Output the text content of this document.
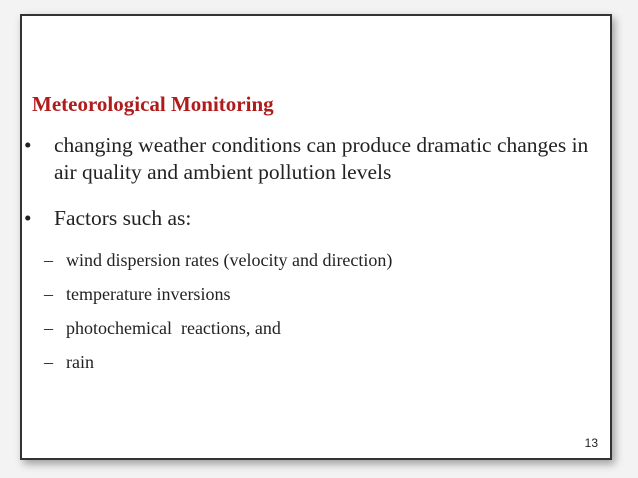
Meteorological Monitoring
•	changing weather conditions can produce dramatic changes in air quality and ambient pollution levels
•	Factors such as:
– wind dispersion rates (velocity and direction)
– temperature inversions
– photochemical  reactions, and
– rain
13
